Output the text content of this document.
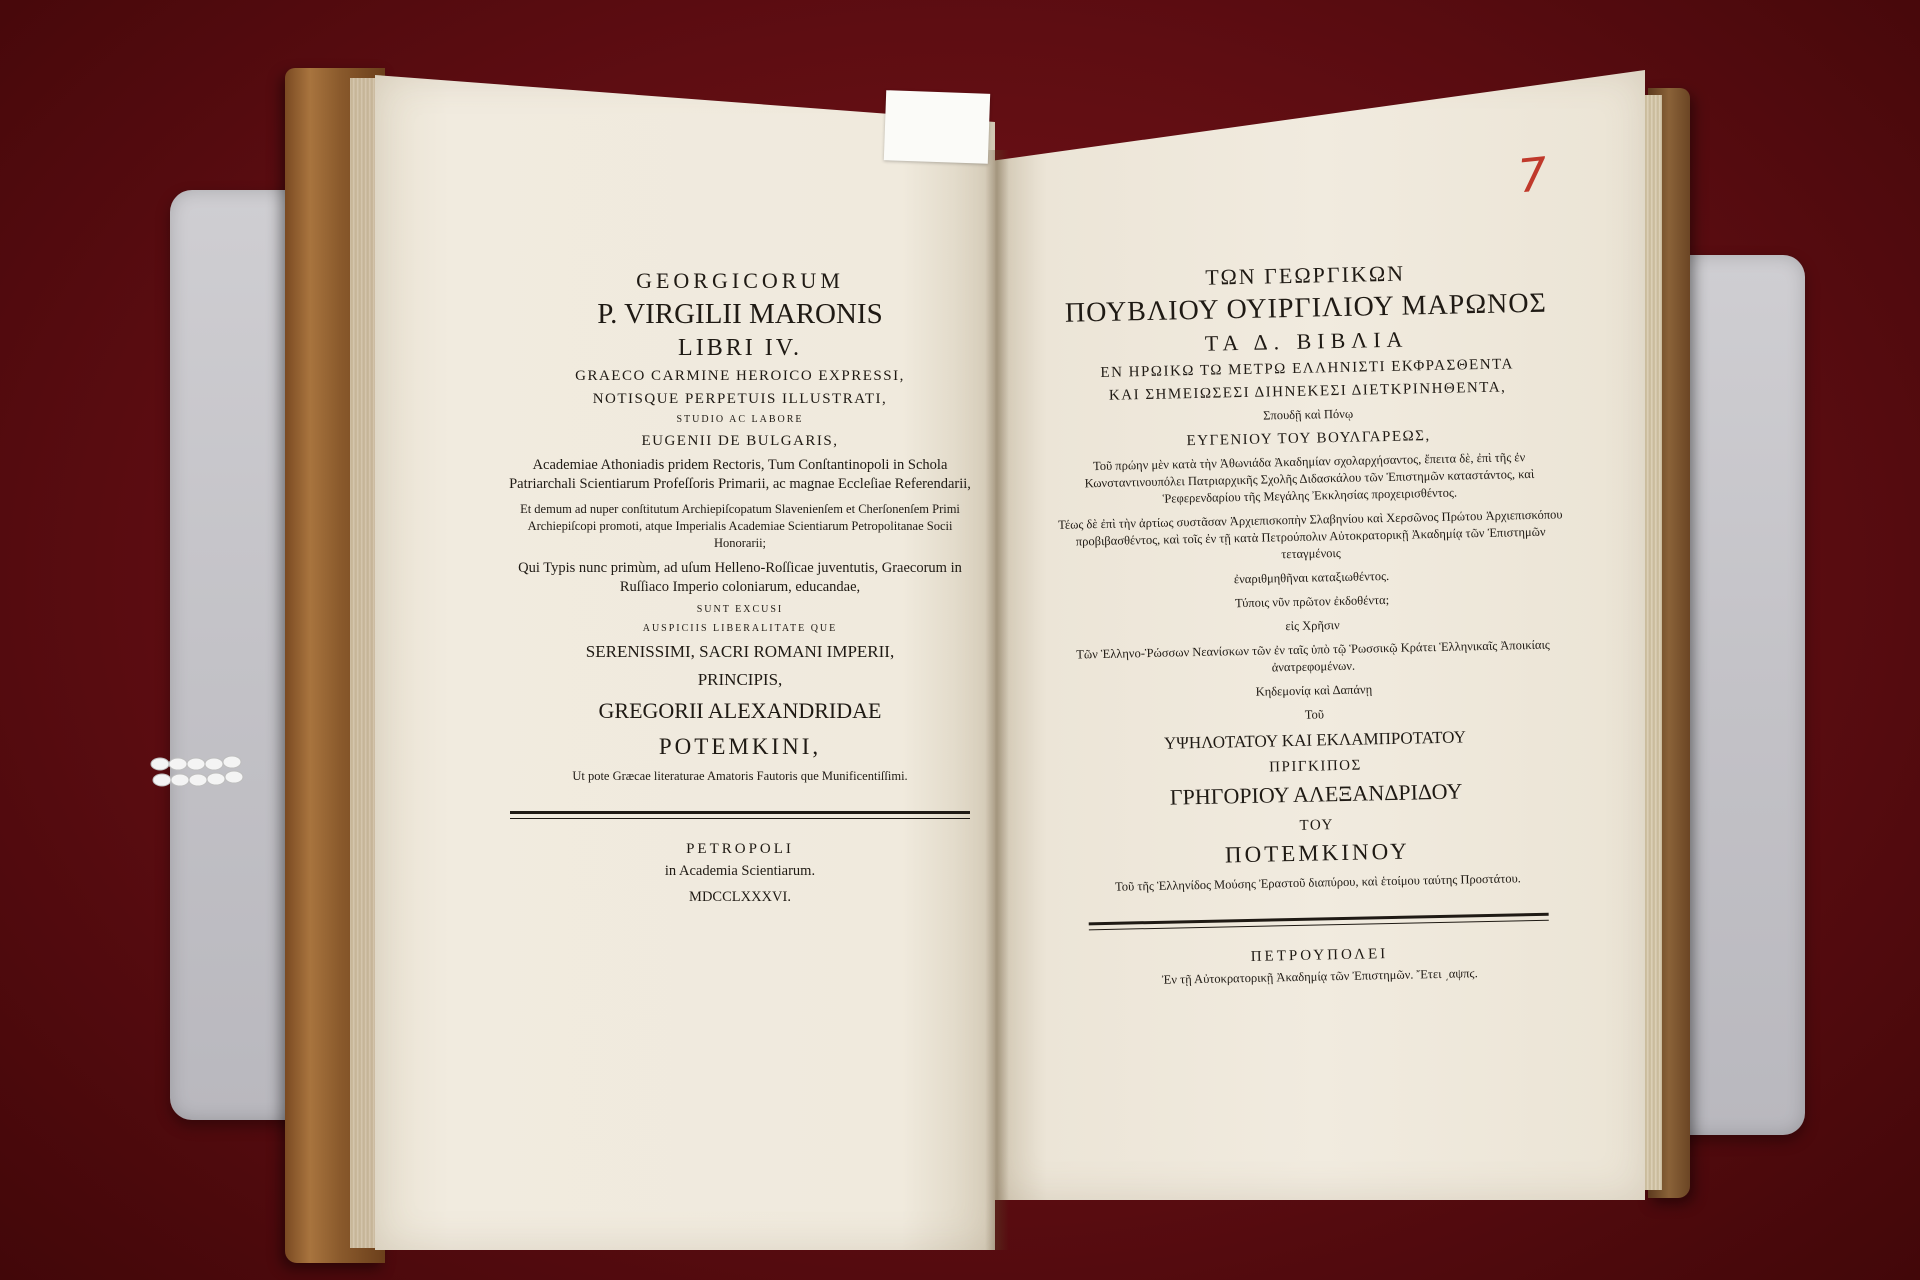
7
GEORGICORUM
P. VIRGILII MARONIS
LIBRI IV.
GRAECO CARMINE HEROICO EXPRESSI,
NOTISQUE PERPETUIS ILLUSTRATI,
STUDIO AC LABORE
EUGENII DE BULGARIS,
Academiae Athoniadis pridem Rectoris, Tum Conſtantinopoli in Schola Patriarchali Scientiarum Profeſſoris Primarii, ac magnae Eccleſiae Referendarii,
Et demum ad nuper conſtitutum Archiepiſcopatum Slavenienſem et Cherſonenſem Primi Archiepiſcopi promoti, atque Imperialis Academiae Scientiarum Petropolitanae Socii Honorarii;
Qui Typis nunc primùm, ad uſum Helleno-Roſſicae juventutis, Graecorum in Ruſſiaco Imperio coloniarum, educandae,
SUNT EXCUSI
AUSPICIIS LIBERALITATE QUE
SERENISSIMI, SACRI ROMANI IMPERII,
PRINCIPIS,
GREGORII ALEXANDRIDAE
POTEMKINI,
Ut pote Græcae literaturae Amatoris Fautoris que Munificentiſſimi.
PETROPOLI
in Academia Scientiarum.
MDCCLXXXVI.
ΤΩΝ ΓΕΩΡΓΙΚΩΝ
ΠΟΥΒΛΙΟΥ ΟΥΙΡΓΙΛΙΟΥ ΜΑΡΩΝΟΣ
ΤΑ Δ. ΒΙΒΛΙΑ
ΕΝ ΗΡΩΙΚΩ ΤΩ ΜΕΤΡΩ ΕΛΛΗΝΙΣΤΙ ΕΚΦΡΑΣΘΕΝΤΑ
ΚΑΙ ΣΗΜΕΙΩΣΕΣΙ ΔΙΗΝΕΚΕΣΙ ΔΙΕΤΚΡΙΝΗΘΕΝΤΑ,
Σπουδῇ καὶ Πόνῳ
ΕΥΓΕΝΙΟΥ ΤΟΥ ΒΟΥΛΓΑΡΕΩΣ,
Τοῦ πρώην μὲν κατὰ τὴν Ἀθωνιάδα Ἀκαδημίαν σχολαρχήσαντος, ἔπειτα δὲ, ἐπὶ τῆς ἐν Κωνσταντινουπόλει Πατριαρχικῆς Σχολῆς Διδασκάλου τῶν Ἐπιστημῶν καταστάντος, καὶ Ῥεφερενδαρίου τῆς Μεγάλης Ἐκκλησίας προχειρισθέντος.
Τέως δὲ ἐπὶ τὴν ἀρτίως συστᾶσαν Ἀρχιεπισκοπὴν Σλαβηνίου καὶ Χερσῶνος Πρώτου Ἀρχιεπισκόπου προβιβασθέντος, καὶ τοῖς ἐν τῇ κατὰ Πετρούπολιν Αὐτοκρατορικῇ Ἀκαδημίᾳ τῶν Ἐπιστημῶν τεταγμένοις
ἐναριθμηθῆναι καταξιωθέντος.
Τύποις νῦν πρῶτον ἐκδοθέντα;
εἰς Χρῆσιν
Τῶν Ἑλληνο-Ῥώσσων Νεανίσκων τῶν ἐν ταῖς ὑπὸ τῷ Ῥωσσικῷ Κράτει Ἑλληνικαῖς Ἀποικίαις ἀνατρεφομένων.
Κηδεμονίᾳ καὶ Δαπάνῃ
Τοῦ
ΥΨΗΛΟΤΑΤΟΥ ΚΑΙ ΕΚΛΑΜΠΡΟΤΑΤΟΥ
ΠΡΙΓΚΙΠΟΣ
ΓΡΗΓΟΡΙΟΥ ΑΛΕΞΑΝΔΡΙΔΟΥ
ΤΟΥ
ΠΟΤΕΜΚΙΝΟΥ
Τοῦ τῆς Ἑλληνίδος Μούσης Ἐραστοῦ διαπύρου, καὶ ἑτοίμου ταύτης Προστάτου.
ΠΕΤΡΟΥΠΟΛΕΙ
Ἐν τῇ Αὐτοκρατορικῇ Ἀκαδημίᾳ τῶν Ἐπιστημῶν. Ἔτει ͵αψπϛ.
